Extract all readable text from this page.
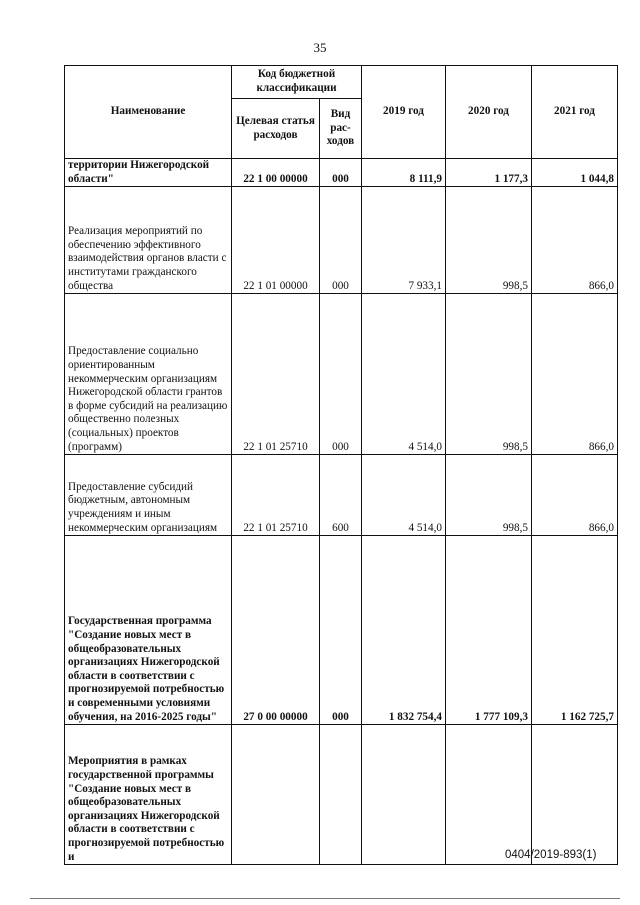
35
Наименование	Код бюджетной классификации		2019 год	2020 год	2021 год
	Целевая статья расходов	Вид рас-ходов			
территории Нижегородской области"	22 1 00 00000	000	8 111,9	1 177,3	1 044,8
Реализация мероприятий по обеспечению эффективного взаимодействия органов власти с институтами гражданского общества	22 1 01 00000	000	7 933,1	998,5	866,0
Предоставление социально ориентированным некоммерческим организациям Нижегородской области грантов в форме субсидий на реализацию общественно полезных (социальных) проектов (программ)	22 1 01 25710	000	4 514,0	998,5	866,0
Предоставление субсидий бюджетным, автономным учреждениям и иным некоммерческим организациям	22 1 01 25710	600	4 514,0	998,5	866,0
Государственная программа "Создание новых мест в общеобразовательных организациях Нижегородской области в соответствии с прогнозируемой потребностью и современными условиями обучения, на 2016-2025 годы"	27 0 00 00000	000	1 832 754,4	1 777 109,3	1 162 725,7
Мероприятия в рамках государственной программы "Создание новых мест в общеобразовательных организациях Нижегородской области в соответствии с прогнозируемой потребностью и						0404/2019-893(1)
